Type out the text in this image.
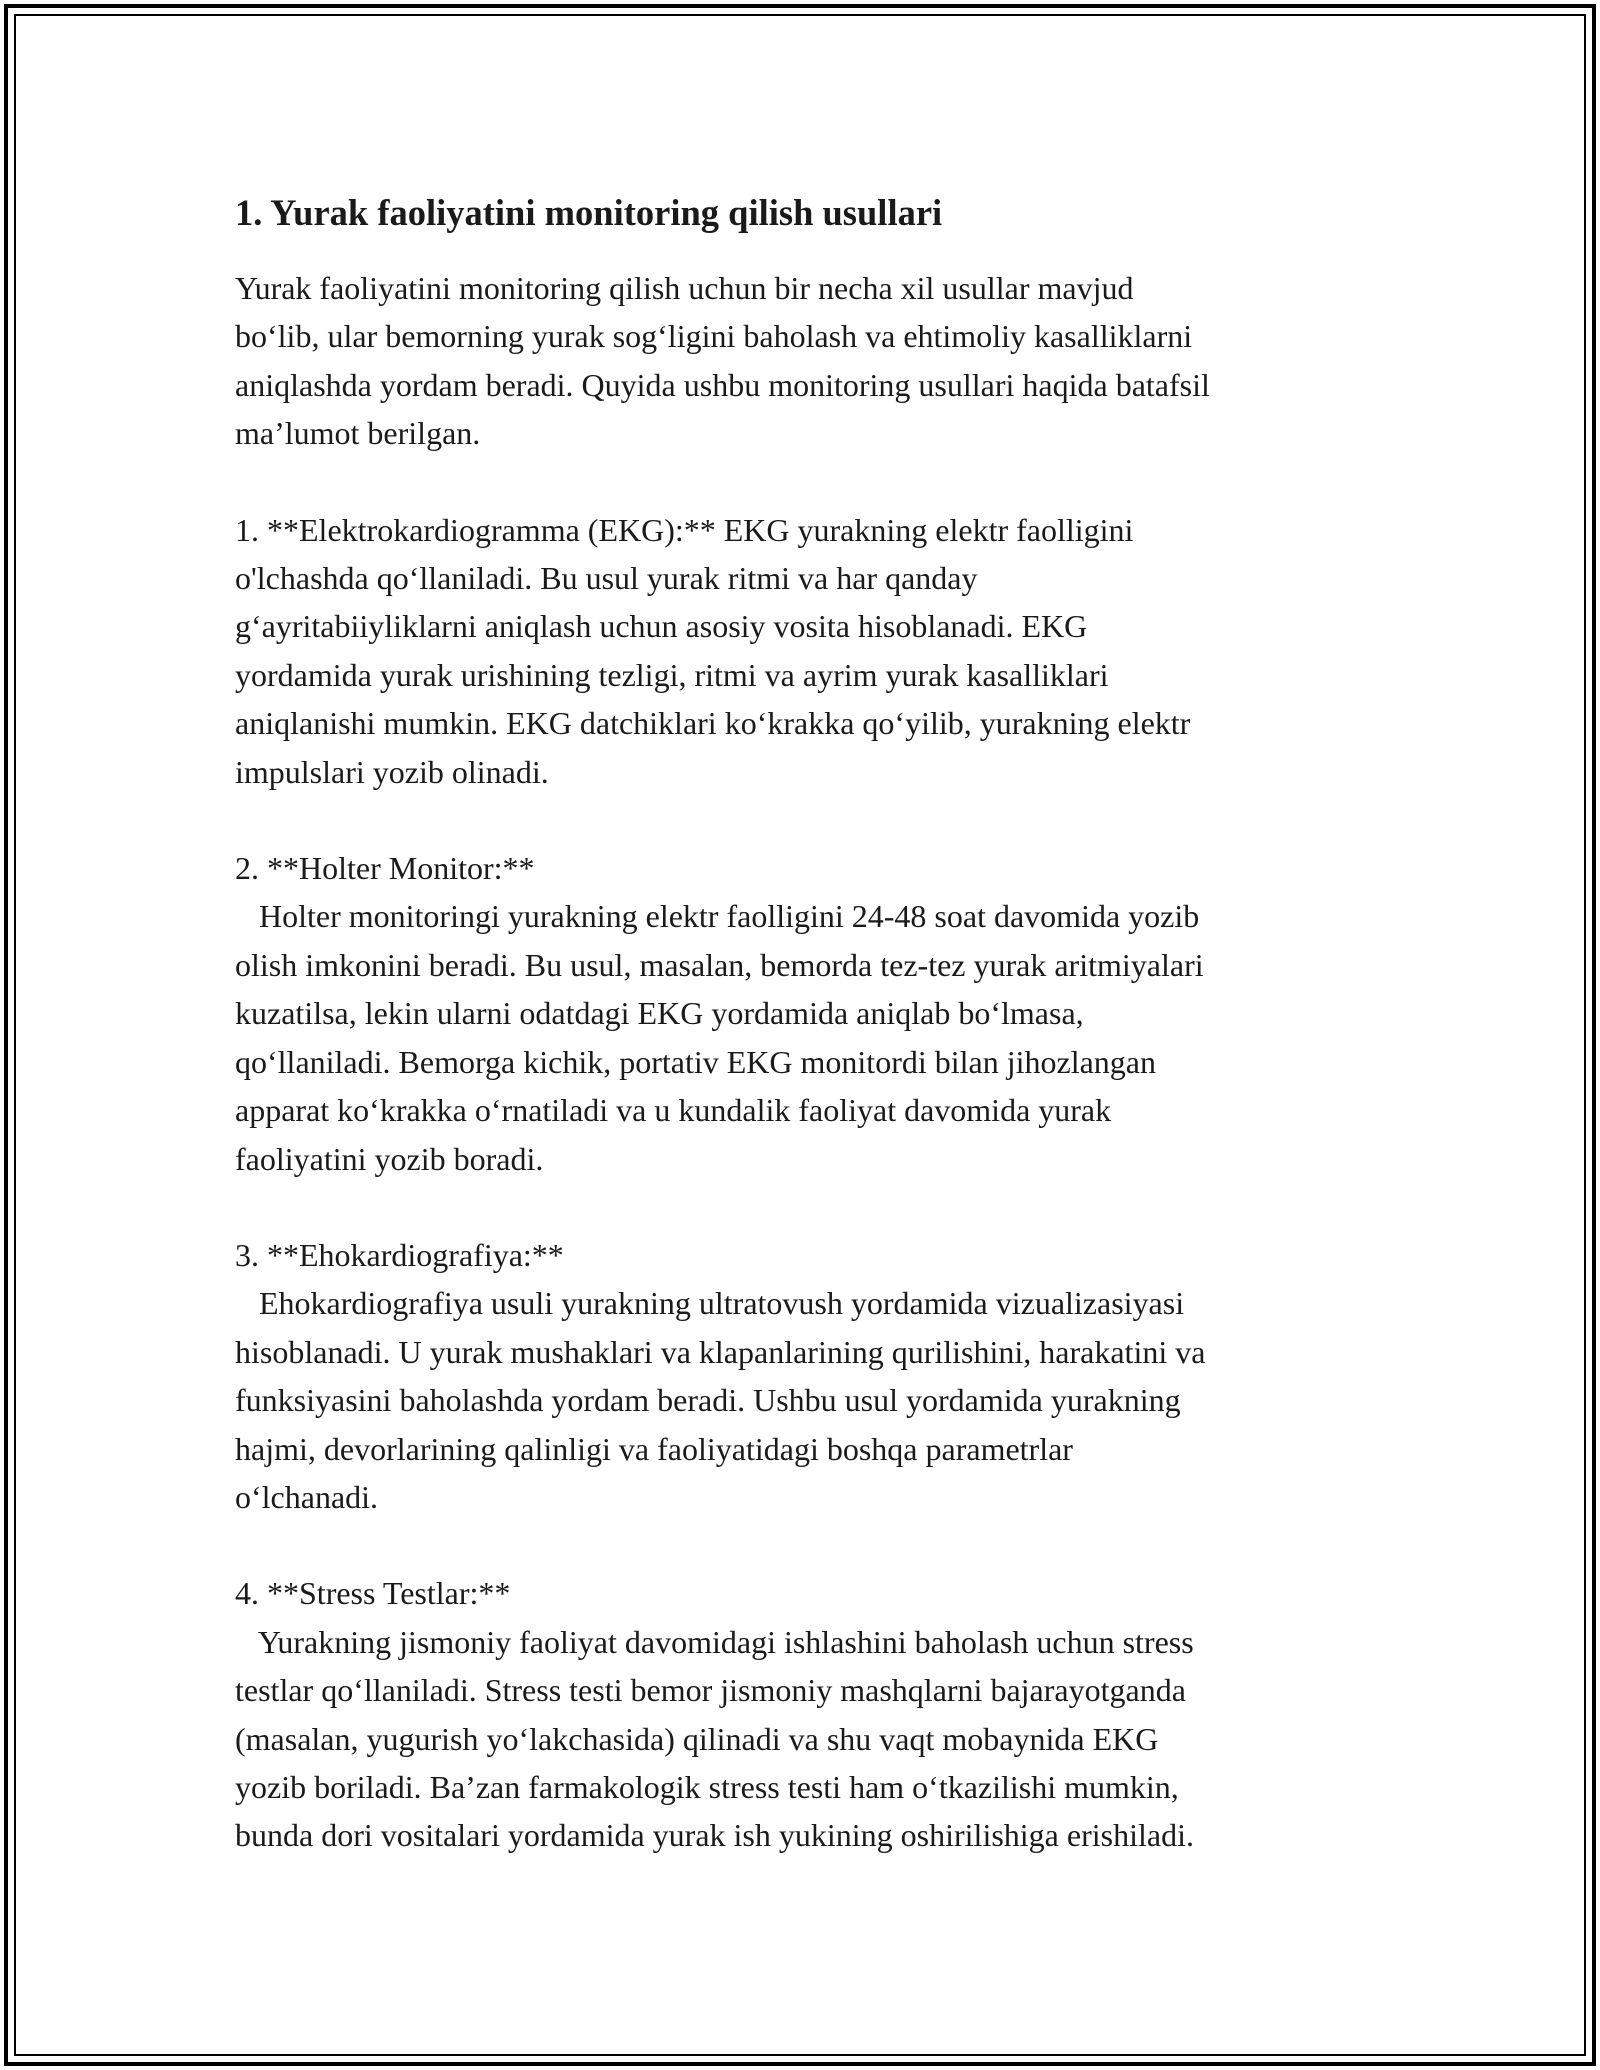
1. Yurak faoliyatini monitoring qilish usullari

Yurak faoliyatini monitoring qilish uchun bir necha xil usullar mavjud
bo‘lib, ular bemorning yurak sog‘ligini baholash va ehtimoliy kasalliklarni
aniqlashda yordam beradi. Quyida ushbu monitoring usullari haqida batafsil
ma’lumot berilgan.

1. **Elektrokardiogramma (EKG):** EKG yurakning elektr faolligini
o'lchashda qo‘llaniladi. Bu usul yurak ritmi va har qanday
g‘ayritabiiyliklarni aniqlash uchun asosiy vosita hisoblanadi. EKG
yordamida yurak urishining tezligi, ritmi va ayrim yurak kasalliklari
aniqlanishi mumkin. EKG datchiklari ko‘krakka qo‘yilib, yurakning elektr
impulslari yozib olinadi.

2. **Holter Monitor:**
Holter monitoringi yurakning elektr faolligini 24-48 soat davomida yozib
olish imkonini beradi. Bu usul, masalan, bemorda tez-tez yurak aritmiyalari
kuzatilsa, lekin ularni odatdagi EKG yordamida aniqlab bo‘lmasa,
qo‘llaniladi. Bemorga kichik, portativ EKG monitordi bilan jihozlangan
apparat ko‘krakka o‘rnatiladi va u kundalik faoliyat davomida yurak
faoliyatini yozib boradi.

3. **Ehokardiografiya:**
Ehokardiografiya usuli yurakning ultratovush yordamida vizualizasiyasi
hisoblanadi. U yurak mushaklari va klapanlarining qurilishini, harakatini va
funksiyasini baholashda yordam beradi. Ushbu usul yordamida yurakning
hajmi, devorlarining qalinligi va faoliyatidagi boshqa parametrlar
o‘lchanadi.

4. **Stress Testlar:**
Yurakning jismoniy faoliyat davomidagi ishlashini baholash uchun stress
testlar qo‘llaniladi. Stress testi bemor jismoniy mashqlarni bajarayotganda
(masalan, yugurish yo‘lakchasida) qilinadi va shu vaqt mobaynida EKG
yozib boriladi. Ba’zan farmakologik stress testi ham o‘tkazilishi mumkin,
bunda dori vositalari yordamida yurak ish yukining oshirilishiga erishiladi.
